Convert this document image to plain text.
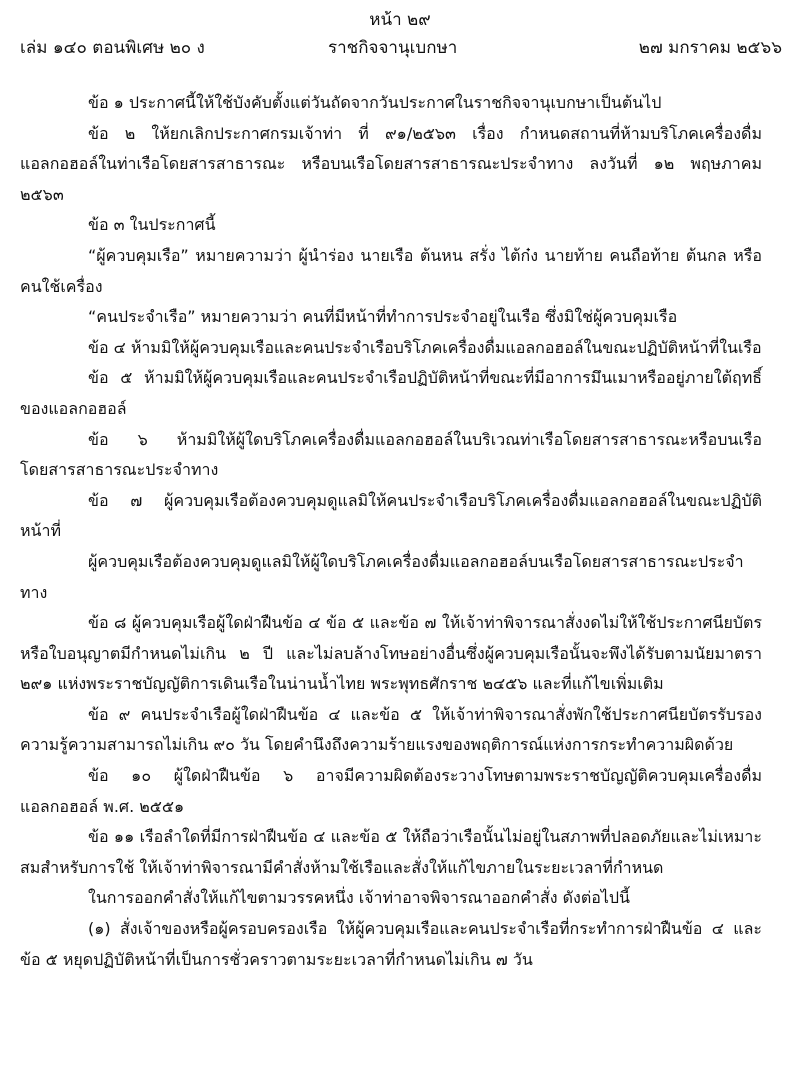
หน้า ๒๙
เล่ม ๑๔๐ ตอนพิเศษ ๒๐ ง	ราชกิจจานุเบกษา	๒๗ มกราคม ๒๕๖๖

ข้อ ๑ ประกาศนี้ให้ใช้บังคับตั้งแต่วันถัดจากวันประกาศในราชกิจจานุเบกษาเป็นต้นไป

ข้อ ๒ ให้ยกเลิกประกาศกรมเจ้าท่า ที่ ๙๑/๒๕๖๓ เรื่อง กำหนดสถานที่ห้ามบริโภคเครื่องดื่มแอลกอฮอล์ในท่าเรือโดยสารสาธารณะ หรือบนเรือโดยสารสาธารณะประจำทาง ลงวันที่ ๑๒ พฤษภาคม ๒๕๖๓

ข้อ ๓ ในประกาศนี้

“ผู้ควบคุมเรือ” หมายความว่า ผู้นำร่อง นายเรือ ต้นหน สรั่ง ไต้ก๋ง นายท้าย คนถือท้าย ต้นกล หรือคนใช้เครื่อง

“คนประจำเรือ” หมายความว่า คนที่มีหน้าที่ทำการประจำอยู่ในเรือ ซึ่งมิใช่ผู้ควบคุมเรือ

ข้อ ๔ ห้ามมิให้ผู้ควบคุมเรือและคนประจำเรือบริโภคเครื่องดื่มแอลกอฮอล์ในขณะปฏิบัติหน้าที่ในเรือ

ข้อ ๕ ห้ามมิให้ผู้ควบคุมเรือและคนประจำเรือปฏิบัติหน้าที่ขณะที่มีอาการมึนเมาหรืออยู่ภายใต้ฤทธิ์ของแอลกอฮอล์

ข้อ ๖ ห้ามมิให้ผู้ใดบริโภคเครื่องดื่มแอลกอฮอล์ในบริเวณท่าเรือโดยสารสาธารณะหรือบนเรือโดยสารสาธารณะประจำทาง

ข้อ ๗ ผู้ควบคุมเรือต้องควบคุมดูแลมิให้คนประจำเรือบริโภคเครื่องดื่มแอลกอฮอล์ในขณะปฏิบัติหน้าที่

ผู้ควบคุมเรือต้องควบคุมดูแลมิให้ผู้ใดบริโภคเครื่องดื่มแอลกอฮอล์บนเรือโดยสารสาธารณะประจำทาง

ข้อ ๘ ผู้ควบคุมเรือผู้ใดฝ่าฝืนข้อ ๔ ข้อ ๕ และข้อ ๗ ให้เจ้าท่าพิจารณาสั่งงดไม่ให้ใช้ประกาศนียบัตรหรือใบอนุญาตมีกำหนดไม่เกิน ๒ ปี และไม่ลบล้างโทษอย่างอื่นซึ่งผู้ควบคุมเรือนั้นจะพึงได้รับตามนัยมาตรา ๒๙๑ แห่งพระราชบัญญัติการเดินเรือในน่านน้ำไทย พระพุทธศักราช ๒๔๕๖ และที่แก้ไขเพิ่มเติม

ข้อ ๙ คนประจำเรือผู้ใดฝ่าฝืนข้อ ๔ และข้อ ๕ ให้เจ้าท่าพิจารณาสั่งพักใช้ประกาศนียบัตรรับรองความรู้ความสามารถไม่เกิน ๙๐ วัน โดยคำนึงถึงความร้ายแรงของพฤติการณ์แห่งการกระทำความผิดด้วย

ข้อ ๑๐ ผู้ใดฝ่าฝืนข้อ ๖ อาจมีความผิดต้องระวางโทษตามพระราชบัญญัติควบคุมเครื่องดื่มแอลกอฮอล์ พ.ศ. ๒๕๕๑

ข้อ ๑๑ เรือลำใดที่มีการฝ่าฝืนข้อ ๔ และข้อ ๕ ให้ถือว่าเรือนั้นไม่อยู่ในสภาพที่ปลอดภัยและไม่เหมาะสมสำหรับการใช้ ให้เจ้าท่าพิจารณามีคำสั่งห้ามใช้เรือและสั่งให้แก้ไขภายในระยะเวลาที่กำหนด

ในการออกคำสั่งให้แก้ไขตามวรรคหนึ่ง เจ้าท่าอาจพิจารณาออกคำสั่ง ดังต่อไปนี้

(๑) สั่งเจ้าของหรือผู้ครอบครองเรือ ให้ผู้ควบคุมเรือและคนประจำเรือที่กระทำการฝ่าฝืนข้อ ๔ และข้อ ๕ หยุดปฏิบัติหน้าที่เป็นการชั่วคราวตามระยะเวลาที่กำหนดไม่เกิน ๗ วัน
